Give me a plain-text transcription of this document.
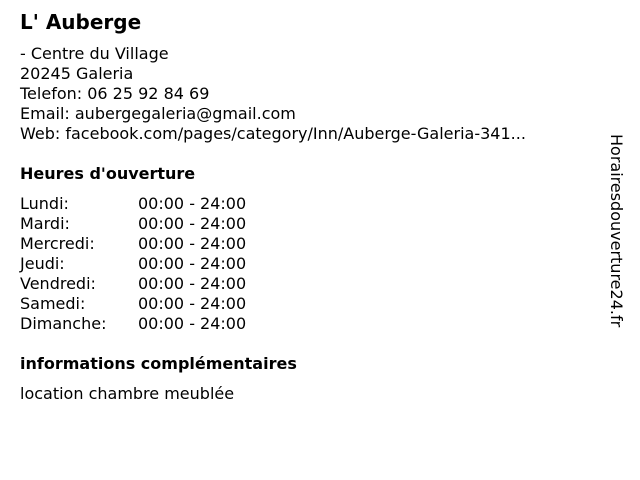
L' Auberge
- Centre du Village
20245 Galeria
Telefon: 06 25 92 84 69
Email: aubergegaleria@gmail.com
Web: facebook.com/pages/category/Inn/Auberge-Galeria-341...
Heures d'ouverture
Lundi:	00:00 - 24:00
Mardi:	00:00 - 24:00
Mercredi:	00:00 - 24:00
Jeudi:	00:00 - 24:00
Vendredi:	00:00 - 24:00
Samedi:	00:00 - 24:00
Dimanche: 00:00 - 24:00
informations complémentaires
location chambre meublée
Horairesdouverture24.fr
